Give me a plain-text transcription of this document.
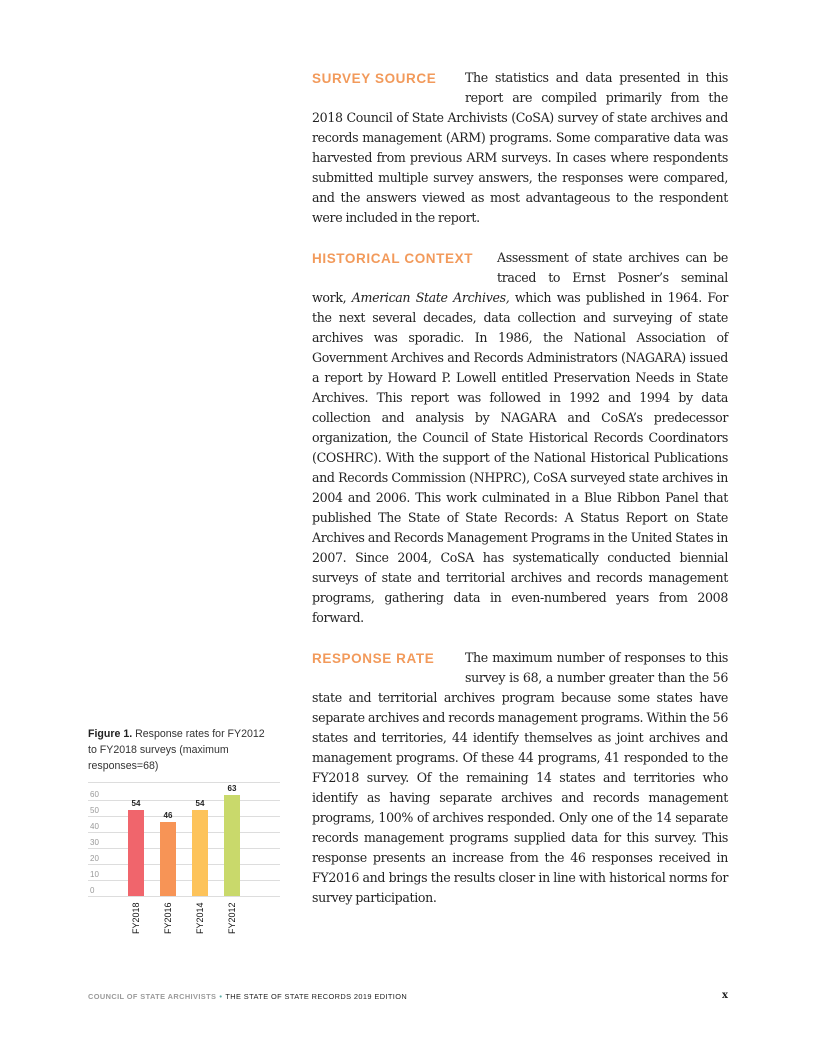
SURVEY SOURCE	The statistics and data presented in this report are compiled primarily from the 2018 Council of State Archivists (CoSA) survey of state archives and records management (ARM) programs. Some comparative data was harvested from previous ARM surveys. In cases where respondents submitted multiple survey answers, the responses were compared, and the answers viewed as most advantageous to the respondent were included in the report.

HISTORICAL CONTEXT	Assessment of state archives can be traced to Ernst Posner’s seminal work, American State Archives, which was published in 1964. For the next several decades, data collection and surveying of state archives was sporadic. In 1986, the National Association of Government Archives and Records Administrators (NAGARA) issued a report by Howard P. Lowell entitled Preservation Needs in State Archives. This report was followed in 1992 and 1994 by data collection and analysis by NAGARA and CoSA’s predecessor organization, the Council of State Historical Records Coordinators (COSHRC). With the support of the National Historical Publications and Records Commission (NHPRC), CoSA surveyed state archives in 2004 and 2006. This work culminated in a Blue Ribbon Panel that published The State of State Records: A Status Report on State Archives and Records Management Programs in the United States in 2007. Since 2004, CoSA has systematically conducted biennial surveys of state and territorial archives and records management programs, gathering data in even-numbered years from 2008 forward.

RESPONSE RATE	The maximum number of responses to this survey is 68, a number greater than the 56 state and territorial archives program because some states have separate archives and records management programs. Within the 56 states and territories, 44 identify themselves as joint archives and management programs. Of these 44 programs, 41 responded to the FY2018 survey. Of the remaining 14 states and territories who identify as having separate archives and records management programs, 100% of archives responded. Only one of the 14 separate records management programs supplied data for this survey. This response presents an increase from the 46 responses received in FY2016 and brings the results closer in line with historical norms for survey participation.

Figure 1. Response rates for FY2012 to FY2018 surveys (maximum responses=68)
0
10
20
30
40
50
60
54
FY2018
46
FY2016
54
FY2014
63
FY2012
COUNCIL OF STATE ARCHIVISTS • THE STATE OF STATE RECORDS 2019 EDITION	x
